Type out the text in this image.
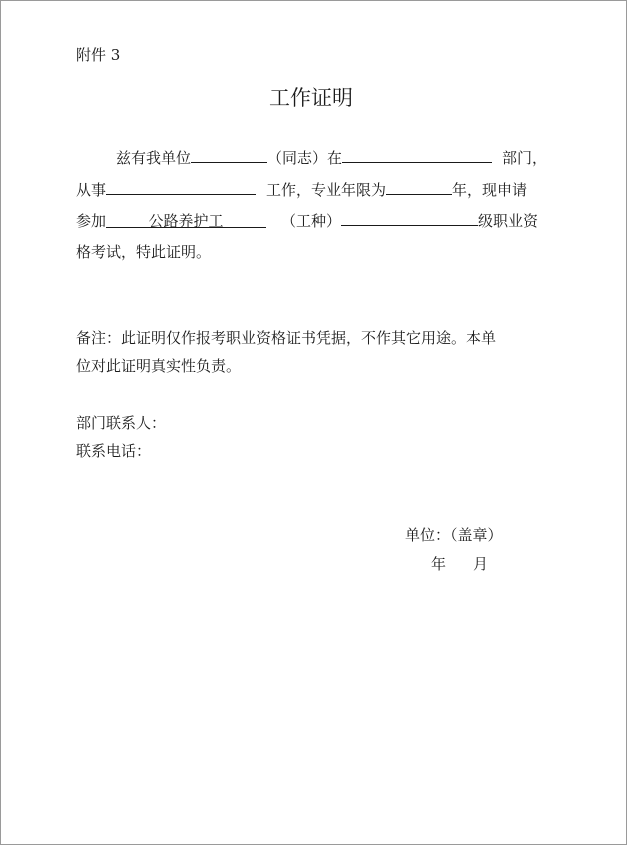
附件 3
工作证明
兹有我单位	（同志）在	部门，
从事	工作，专业年限为	年，现申请
参加	公路养护工	（工种）	级职业资
格考试，特此证明。
备注：此证明仅作报考职业资格证书凭据，不作其它用途。本单
位对此证明真实性负责。
部门联系人：
联系电话：
单位：（盖章）
年 月
